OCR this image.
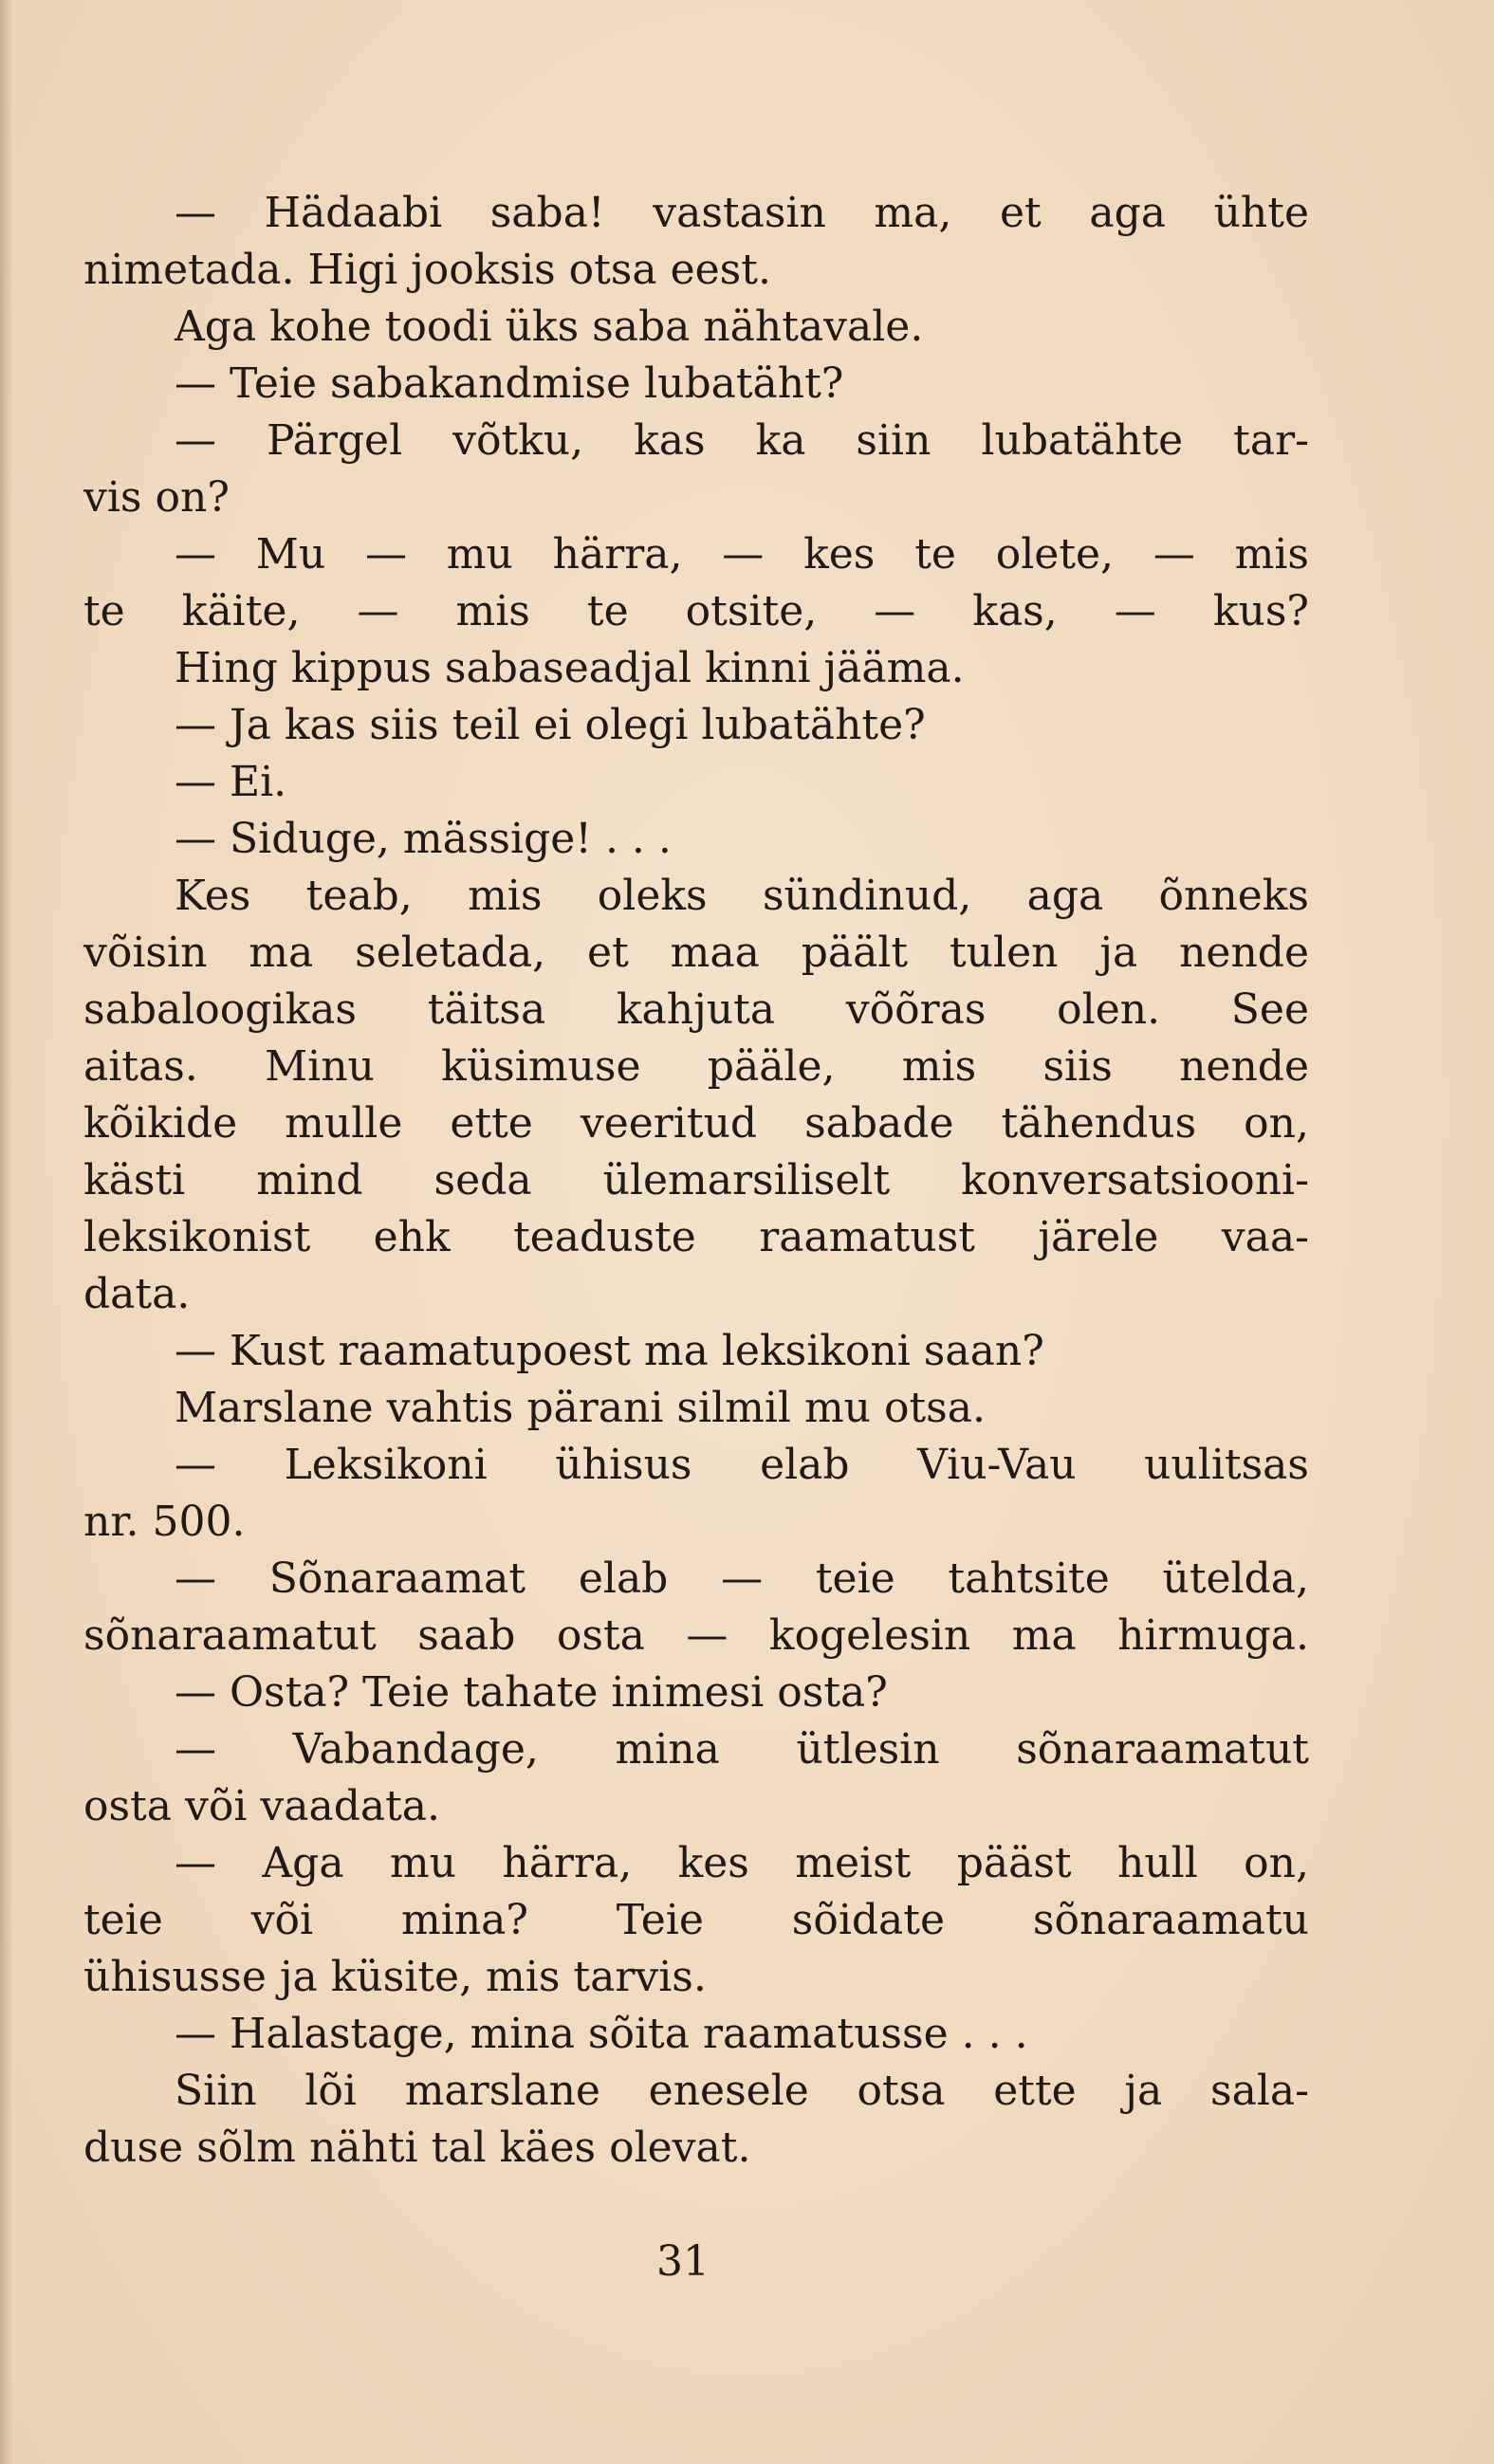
— Hädaabi saba! vastasin ma, et aga ühte
nimetada. Higi jooksis otsa eest.
Aga kohe toodi üks saba nähtavale.
— Teie sabakandmise lubatäht?
— Pärgel võtku, kas ka siin lubatähte tar-
vis on?
— Mu — mu härra, — kes te olete, — mis
te käite, — mis te otsite, — kas, — kus?
Hing kippus sabaseadjal kinni jääma.
— Ja kas siis teil ei olegi lubatähte?
— Ei.
— Siduge, mässige! . . .
Kes teab, mis oleks sündinud, aga õnneks
võisin ma seletada, et maa päält tulen ja nende
sabaloogikas täitsa kahjuta võõras olen. See
aitas. Minu küsimuse pääle, mis siis nende
kõikide mulle ette veeritud sabade tähendus on,
kästi mind seda ülemarsiliselt konversatsiooni-
leksikonist ehk teaduste raamatust järele vaa-
data.
— Kust raamatupoest ma leksikoni saan?
Marslane vahtis pärani silmil mu otsa.
— Leksikoni ühisus elab Viu-Vau uulitsas
nr. 500.
— Sõnaraamat elab — teie tahtsite ütelda,
sõnaraamatut saab osta — kogelesin ma hirmuga.
— Osta? Teie tahate inimesi osta?
— Vabandage, mina ütlesin sõnaraamatut
osta või vaadata.
— Aga mu härra, kes meist pääst hull on,
teie või mina? Teie sõidate sõnaraamatu
ühisusse ja küsite, mis tarvis.
— Halastage, mina sõita raamatusse . . .
Siin lõi marslane enesele otsa ette ja sala-
duse sõlm nähti tal käes olevat.
31
